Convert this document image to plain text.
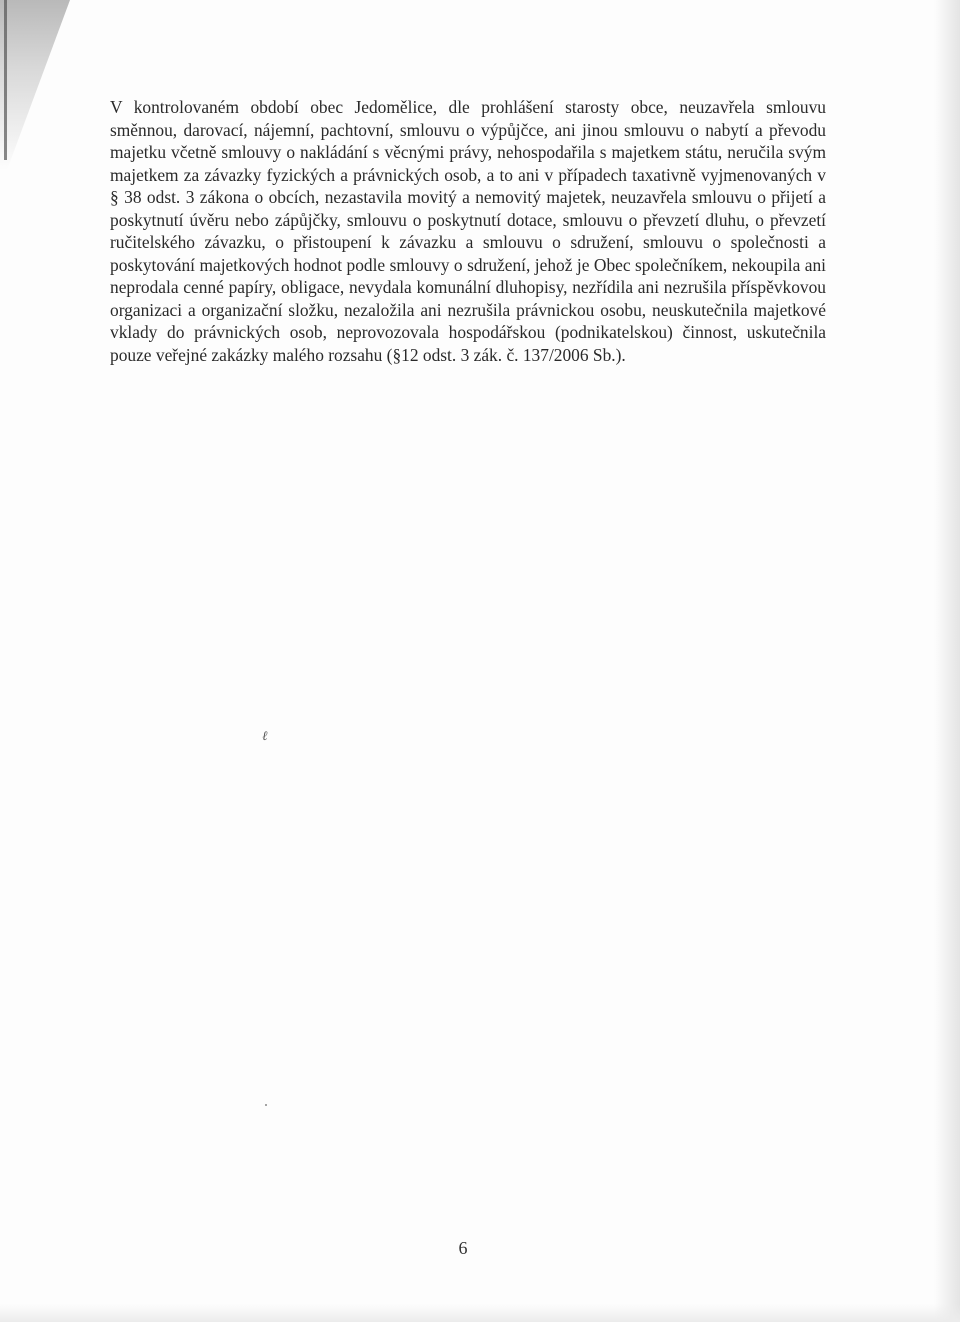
V kontrolovaném období obec Jedomělice, dle prohlášení starosty obce, neuzavřela smlouvu směnnou, darovací, nájemní, pachtovní, smlouvu o výpůjčce, ani jinou smlouvu o nabytí a převodu majetku včetně smlouvy o nakládání s věcnými právy, nehospodařila s majetkem státu, neručila svým majetkem za závazky fyzických a právnických osob, a to ani v případech taxativně vyjmenovaných v § 38 odst. 3 zákona o obcích, nezastavila movitý a nemovitý majetek, neuzavřela smlouvu o přijetí a poskytnutí úvěru nebo zápůjčky, smlouvu o poskytnutí dotace, smlouvu o převzetí dluhu, o převzetí ručitelského závazku, o přistoupení k závazku a smlouvu o sdružení, smlouvu o společnosti a poskytování majetkových hodnot podle smlouvy o sdružení, jehož je Obec společníkem, nekoupila ani neprodala cenné papíry, obligace, nevydala komunální dluhopisy, nezřídila ani nezrušila příspěvkovou organizaci a organizační složku, nezaložila ani nezrušila právnickou osobu, neuskutečnila majetkové vklady do právnických osob, neprovozovala hospodářskou (podnikatelskou) činnost, uskutečnila pouze veřejné zakázky malého rozsahu (§12 odst. 3 zák. č. 137/2006 Sb.).

ℓ
6
